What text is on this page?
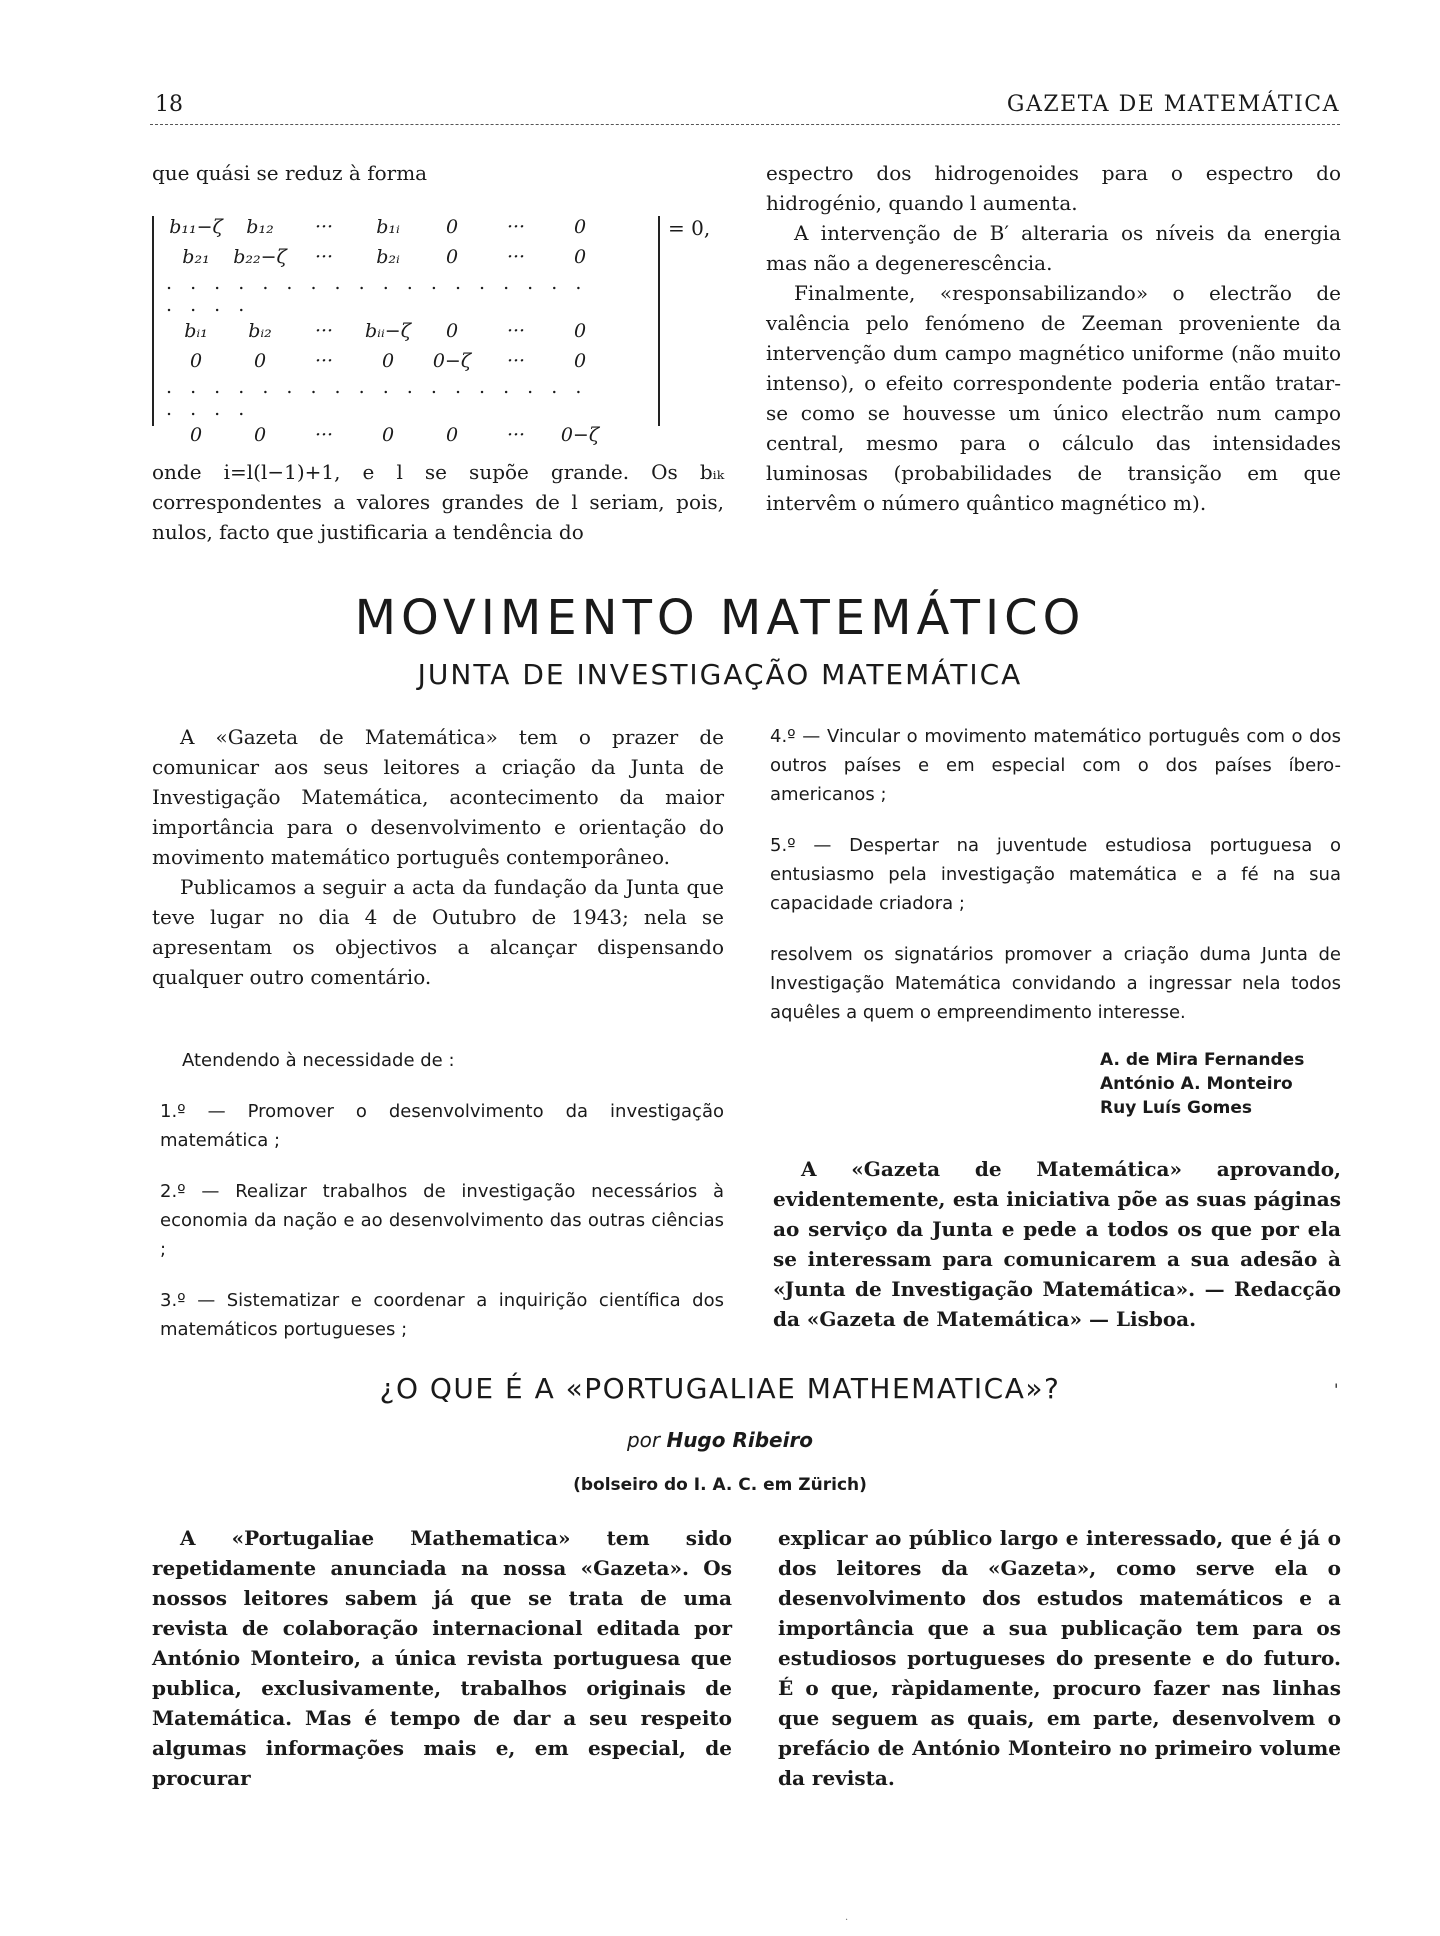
18	GAZETA DE MATEMÁTICA

que quási se reduz à forma

b₁₁−ζ	b₁₂	···	b₁ᵢ	0	···	0
b₂₁	b₂₂−ζ	···	b₂ᵢ	0	···	0
. . . . . . . . . . . . . . . . . . . . . .						
bᵢ₁	bᵢ₂	···	bᵢᵢ−ζ	0	···	0
0	0	···	0	0−ζ	···	0
. . . . . . . . . . . . . . . . . . . . . .						
0	0	···	0	0	···	0−ζ
= 0,

onde i=l(l−1)+1, e l se supõe grande. Os bᵢₖ correspondentes a valores grandes de l seriam, pois, nulos, facto que justificaria a tendência do

espectro dos hidrogenoides para o espectro do hidrogénio, quando l aumenta.

A intervenção de B′ alteraria os níveis da energia mas não a degenerescência.

Finalmente, «responsabilizando» o electrão de valência pelo fenómeno de Zeeman proveniente da intervenção dum campo magnético uniforme (não muito intenso), o efeito correspondente poderia então tratar-se como se houvesse um único electrão num campo central, mesmo para o cálculo das intensidades luminosas (probabilidades de transição em que intervêm o número quântico magnético m).

MOVIMENTO MATEMÁTICO
JUNTA DE INVESTIGAÇÃO MATEMÁTICA

A «Gazeta de Matemática» tem o prazer de comunicar aos seus leitores a criação da Junta de Investigação Matemática, acontecimento da maior importância para o desenvolvimento e orientação do movimento matemático português contemporâneo.

Publicamos a seguir a acta da fundação da Junta que teve lugar no dia 4 de Outubro de 1943; nela se apresentam os objectivos a alcançar dispensando qualquer outro comentário.

Atendendo à necessidade de :

1.º — Promover o desenvolvimento da investigação matemática ;

2.º — Realizar trabalhos de investigação necessários à economia da nação e ao desenvolvimento das outras ciências ;

3.º — Sistematizar e coordenar a inquirição científica dos matemáticos portugueses ;

4.º — Vincular o movimento matemático português com o dos outros países e em especial com o dos países íbero-americanos ;

5.º — Despertar na juventude estudiosa portuguesa o entusiasmo pela investigação matemática e a fé na sua capacidade criadora ;

resolvem os signatários promover a criação duma Junta de Investigação Matemática convidando a ingressar nela todos aquêles a quem o empreendimento interesse.

A. de Mira Fernandes
António A. Monteiro
Ruy Luís Gomes

A «Gazeta de Matemática» aprovando, evidentemente, esta iniciativa põe as suas páginas ao serviço da Junta e pede a todos os que por ela se interessam para comunicarem a sua adesão à «Junta de Investigação Matemática». — Redacção da «Gazeta de Matemática» — Lisboa.

¿O QUE É A «PORTUGALIAE MATHEMATICA»?	'
por Hugo Ribeiro
(bolseiro do I. A. C. em Zürich)

A «Portugaliae Mathematica» tem sido repetidamente anunciada na nossa «Gazeta». Os nossos leitores sabem já que se trata de uma revista de colaboração internacional editada por António Monteiro, a única revista portuguesa que publica, exclusivamente, trabalhos originais de Matemática. Mas é tempo de dar a seu respeito algumas informações mais e, em especial, de procurar

explicar ao público largo e interessado, que é já o dos leitores da «Gazeta», como serve ela o desenvolvimento dos estudos matemáticos e a importância que a sua publicação tem para os estudiosos portugueses do presente e do futuro. É o que, ràpidamente, procuro fazer nas linhas que seguem as quais, em parte, desenvolvem o prefácio de António Monteiro no primeiro volume da revista.

·
